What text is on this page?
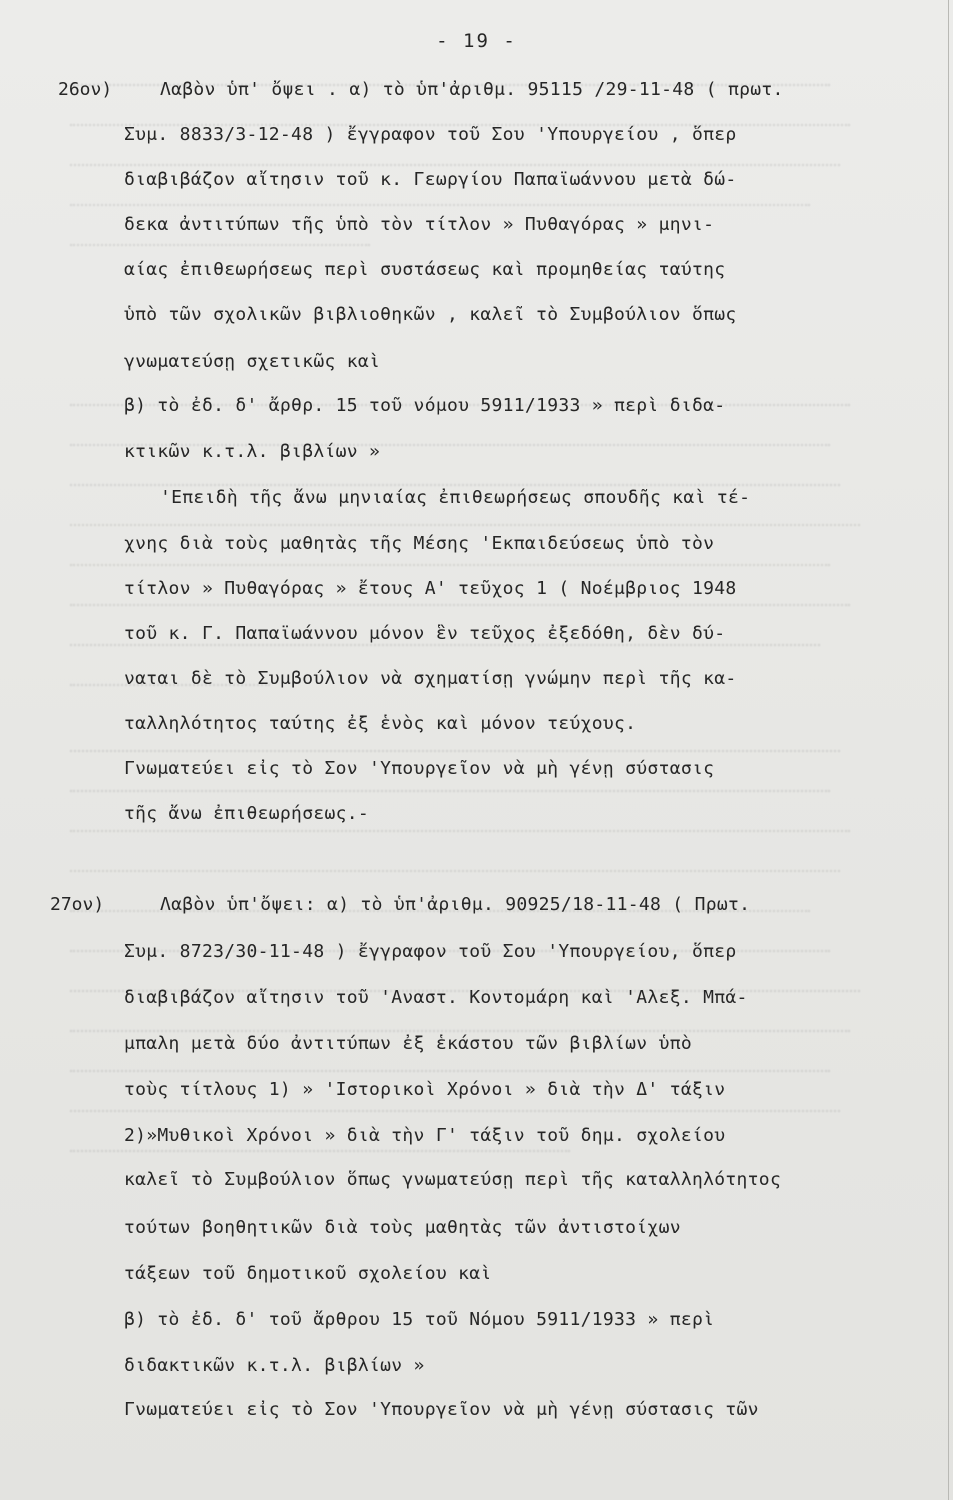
- 19 -
26ον)	Λαβὸν ὑπ' ὄψει . α) τὸ ὑπ'ἀριθμ. 95115 /29-11-48 ( πρωτ.
Συμ. 8833/3-12-48 ) ἔγγραφον τοῦ Σου 'Υπουργείου , ὅπερ
διαβιβάζον αἴτησιν τοῦ κ. Γεωργίου Παπαϊωάννου μετὰ δώ-
δεκα ἀντιτύπων τῆς ὑπὸ τὸν τίτλον » Πυθαγόρας » μηνι-
αίας ἐπιθεωρήσεως περὶ συστάσεως καὶ προμηθείας ταύτης
ὑπὸ τῶν σχολικῶν βιβλιοθηκῶν , καλεῖ τὸ Συμβούλιον ὅπως
γνωματεύσῃ σχετικῶς καὶ
β) τὸ ἐδ. δ' ἄρθρ. 15 τοῦ νόμου 5911/1933 » περὶ διδα-
κτικῶν κ.τ.λ. βιβλίων »
'Επειδὴ τῆς ἄνω μηνιαίας ἐπιθεωρήσεως σπουδῆς καὶ τέ-
χνης διὰ τοὺς μαθητὰς τῆς Μέσης 'Εκπαιδεύσεως ὑπὸ τὸν
τίτλον » Πυθαγόρας » ἔτους Α' τεῦχος 1 ( Νοέμβριος 1948
τοῦ κ. Γ. Παπαϊωάννου μόνον ἓν τεῦχος ἐξεδόθη, δὲν δύ-
ναται δὲ τὸ Συμβούλιον νὰ σχηματίσῃ γνώμην περὶ τῆς κα-
ταλληλότητος ταύτης ἐξ ἑνὸς καὶ μόνον τεύχους.
Γνωματεύει εἰς τὸ Σον 'Υπουργεῖον νὰ μὴ γένῃ σύστασις
τῆς ἄνω ἐπιθεωρήσεως.-
27ον)	Λαβὸν ὑπ'ὄψει: α) τὸ ὑπ'ἀριθμ. 90925/18-11-48 ( Πρωτ.
Συμ. 8723/30-11-48 ) ἔγγραφον τοῦ Σου 'Υπουργείου, ὅπερ
διαβιβάζον αἴτησιν τοῦ 'Αναστ. Κοντομάρη καὶ 'Αλεξ. Μπά-
μπαλη μετὰ δύο ἀντιτύπων ἐξ ἑκάστου τῶν βιβλίων ὑπὸ
τοὺς τίτλους 1) » 'Ιστορικοὶ Χρόνοι » διὰ τὴν Δ' τάξιν
2)»Μυθικοὶ Χρόνοι » διὰ τὴν Γ' τάξιν τοῦ δημ. σχολείου
καλεῖ τὸ Συμβούλιον ὅπως γνωματεύσῃ περὶ τῆς καταλληλότητος
τούτων βοηθητικῶν διὰ τοὺς μαθητὰς τῶν ἀντιστοίχων
τάξεων τοῦ δημοτικοῦ σχολείου καὶ
β) τὸ ἐδ. δ' τοῦ ἄρθρου 15 τοῦ Νόμου 5911/1933 » περὶ
διδακτικῶν κ.τ.λ. βιβλίων »
Γνωματεύει εἰς τὸ Σον 'Υπουργεῖον νὰ μὴ γένῃ σύστασις τῶν
